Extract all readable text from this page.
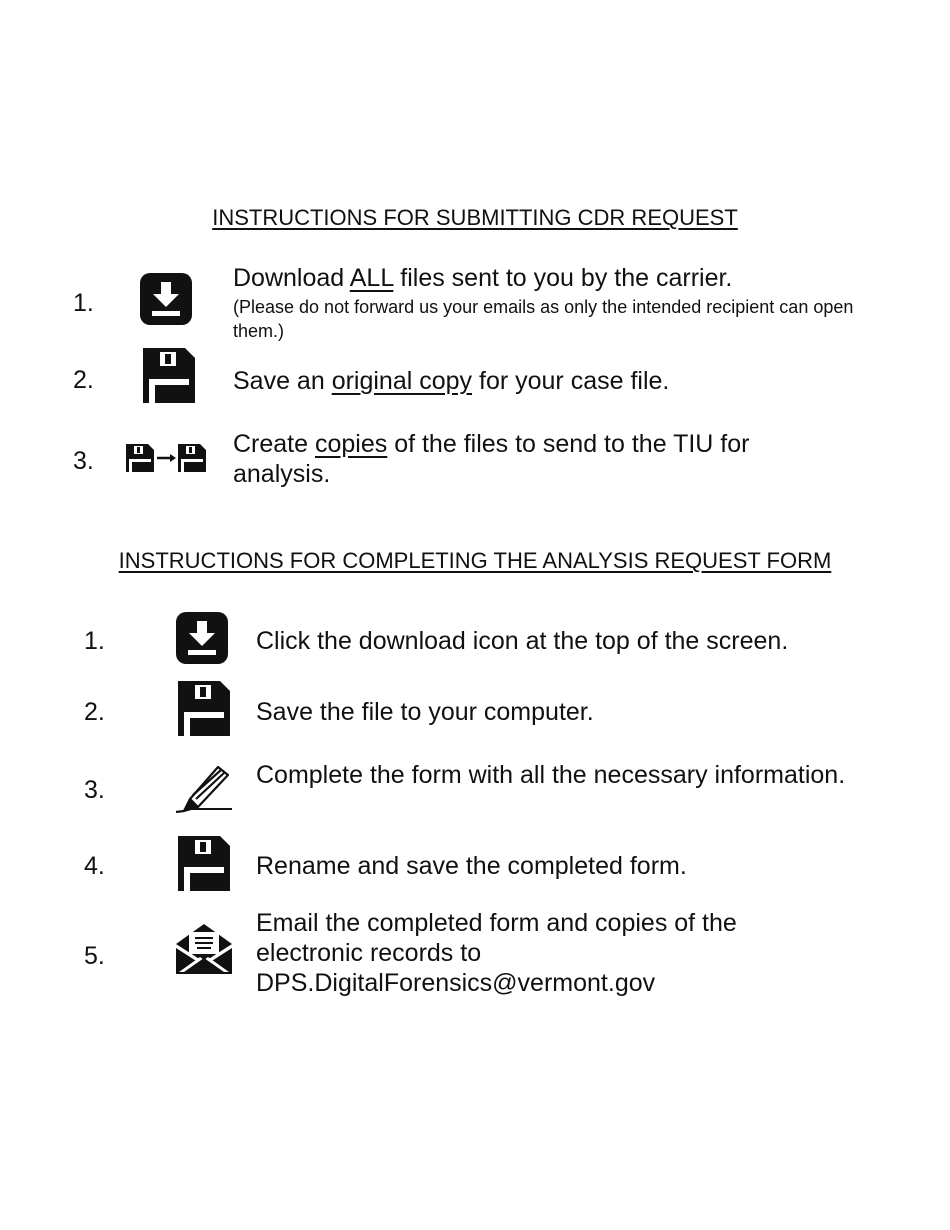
INSTRUCTIONS FOR SUBMITTING CDR REQUEST
1.
Download ALL files sent to you by the carrier.
(Please do not forward us your emails as only the intended recipient can open them.)
2.	Save an original copy for your case file.
3.
Create copies of the files to send to the TIU for analysis.
INSTRUCTIONS FOR COMPLETING THE ANALYSIS REQUEST FORM
1.	Click the download icon at the top of the screen.
2.	Save the file to your computer.
3.
Complete the form with all the necessary information.
4.	Rename and save the completed form.
5.
Email the completed form and copies of the
electronic records to
DPS.DigitalForensics@vermont.gov
